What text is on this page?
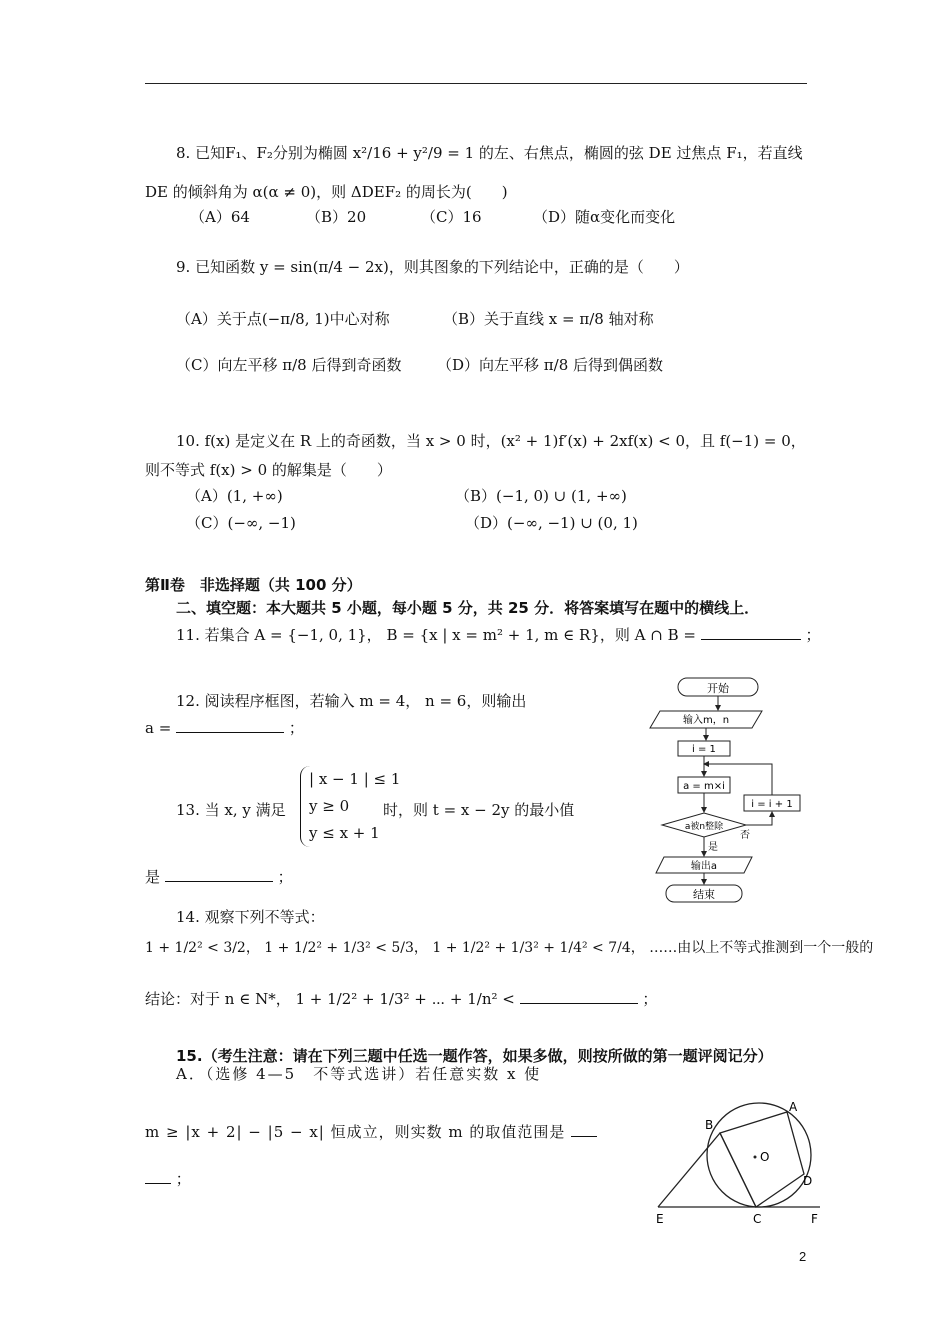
8. 已知F₁、F₂分别为椭圆 x²/16 + y²/9 = 1 的左、右焦点，椭圆的弦 DE 过焦点 F₁，若直线
DE 的倾斜角为 α(α ≠ 0)，则 ΔDEF₂ 的周长为(　　)
（A）64	（B）20	（C）16	（D）随α变化而变化
9. 已知函数 y = sin(π/4 − 2x)，则其图象的下列结论中，正确的是（　　）
（A）关于点(−π/8, 1)中心对称	（B）关于直线 x = π/8 轴对称
（C）向左平移 π/8 后得到奇函数 （D）向左平移 π/8 后得到偶函数
10. f(x) 是定义在 R 上的奇函数，当 x > 0 时，(x² + 1)f′(x) + 2xf(x) < 0，且 f(−1) = 0，
则不等式 f(x) > 0 的解集是（　　）
（A）(1, +∞)	（B）(−1, 0) ∪ (1, +∞)
（C）(−∞, −1)	（D）(−∞, −1) ∪ (0, 1)
第Ⅱ卷　非选择题（共 100 分）
二、填空题：本大题共 5 小题，每小题 5 分，共 25 分．将答案填写在题中的横线上．
11. 若集合 A = {−1, 0, 1}， B = {x | x = m² + 1, m ∈ R}，则 A ∩ B =	；
12. 阅读程序框图，若输入 m = 4， n = 6，则输出
a =	；
13. 当 x, y 满足
| x − 1 | ≤ 1
y ≥ 0
y ≤ x + 1
时，则 t = x − 2y 的最小值
是	；
14. 观察下列不等式：
1 + 1/2² < 3/2， 1 + 1/2² + 1/3² < 5/3， 1 + 1/2² + 1/3² + 1/4² < 7/4， ……由以上不等式推测到一个一般的
结论：对于 n ∈ N*， 1 + 1/2² + 1/3² + ⋯ + 1/n² <	；
15.（考生注意：请在下列三题中任选一题作答，如果多做，则按所做的第一题评阅记分）
A．（选修 4—5　不等式选讲）若任意实数 x 使
m ≥ |x + 2| − |5 − x| 恒成立，则实数 m 的取值范围是
；
开始
输入m，n
i = 1
a = m×i
a被n整除
否
i = i + 1
是
输出a
结束
A
B
O
D
E	C	F
2
